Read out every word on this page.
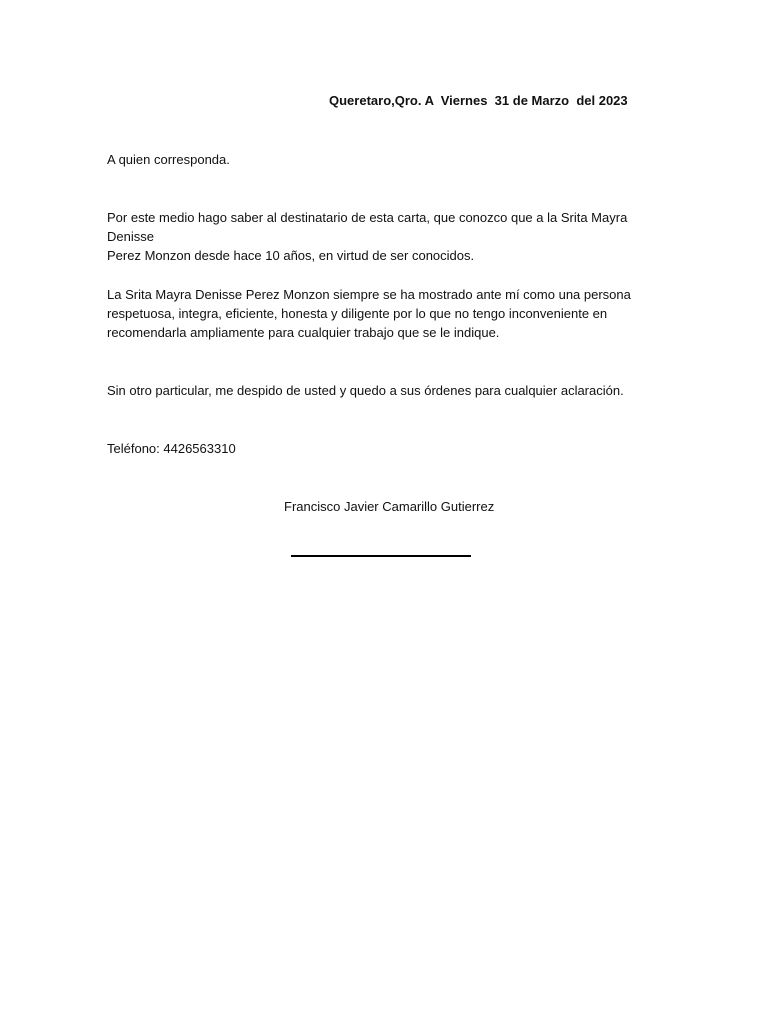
Queretaro,Qro. A  Viernes  31 de Marzo  del 2023

A quien corresponda.

Por este medio hago saber al destinatario de esta carta, que conozco que a la Srita Mayra Denisse
Perez Monzon desde hace 10 años, en virtud de ser conocidos.

La Srita Mayra Denisse Perez Monzon siempre se ha mostrado ante mí como una persona
respetuosa, integra, eficiente, honesta y diligente por lo que no tengo inconveniente en
recomendarla ampliamente para cualquier trabajo que se le indique.

Sin otro particular, me despido de usted y quedo a sus órdenes para cualquier aclaración.

Teléfono: 4426563310

Francisco Javier Camarillo Gutierrez
